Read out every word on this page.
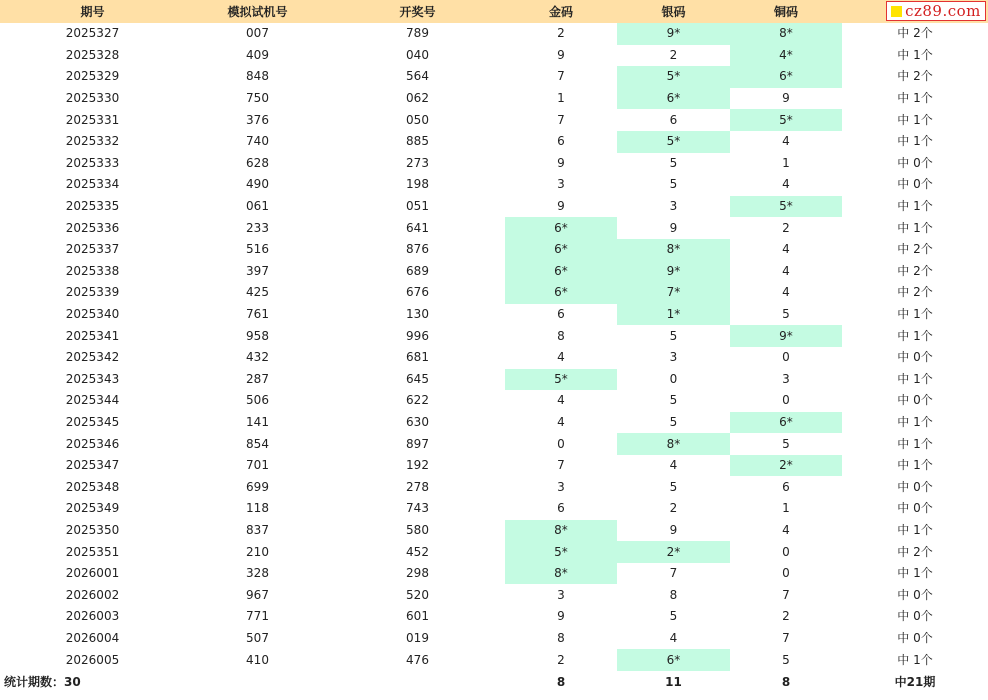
期号	模拟试机号	开奖号	金码	银码	铜码	
2025327	007	789	2	9*	8*	中 2个
2025328	409	040	9	2	4*	中 1个
2025329	848	564	7	5*	6*	中 2个
2025330	750	062	1	6*	9	中 1个
2025331	376	050	7	6	5*	中 1个
2025332	740	885	6	5*	4	中 1个
2025333	628	273	9	5	1	中 0个
2025334	490	198	3	5	4	中 0个
2025335	061	051	9	3	5*	中 1个
2025336	233	641	6*	9	2	中 1个
2025337	516	876	6*	8*	4	中 2个
2025338	397	689	6*	9*	4	中 2个
2025339	425	676	6*	7*	4	中 2个
2025340	761	130	6	1*	5	中 1个
2025341	958	996	8	5	9*	中 1个
2025342	432	681	4	3	0	中 0个
2025343	287	645	5*	0	3	中 1个
2025344	506	622	4	5	0	中 0个
2025345	141	630	4	5	6*	中 1个
2025346	854	897	0	8*	5	中 1个
2025347	701	192	7	4	2*	中 1个
2025348	699	278	3	5	6	中 0个
2025349	118	743	6	2	1	中 0个
2025350	837	580	8*	9	4	中 1个
2025351	210	452	5*	2*	0	中 2个
2026001	328	298	8*	7	0	中 1个
2026002	967	520	3	8	7	中 0个
2026003	771	601	9	5	2	中 0个
2026004	507	019	8	4	7	中 0个
2026005	410	476	2	6*	5	中 1个
统计期数：30			8	11	8	中21期
cz89.com
